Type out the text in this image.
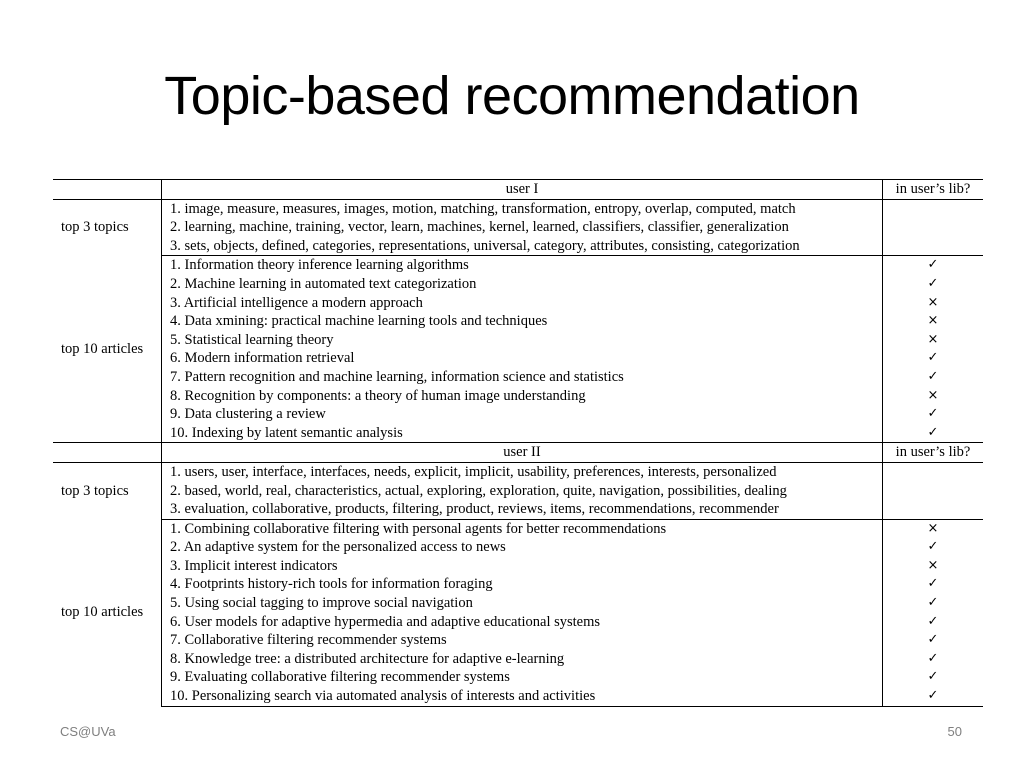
Topic-based recommendation
	user I	in user’s lib?
top 3 topics	1. image, measure, measures, images, motion, matching, transformation, entropy, overlap, computed, match	
	2. learning, machine, training, vector, learn, machines, kernel, learned, classifiers, classifier, generalization	
	3. sets, objects, defined, categories, representations, universal, category, attributes, consisting, categorization	
top 10 articles	1. Information theory inference learning algorithms	✓
	2. Machine learning in automated text categorization	✓
	3. Artificial intelligence a modern approach	×
	4. Data xmining: practical machine learning tools and techniques	×
	5. Statistical learning theory	×
	6. Modern information retrieval	✓
	7. Pattern recognition and machine learning, information science and statistics	✓
	8. Recognition by components: a theory of human image understanding	×
	9. Data clustering a review	✓
	10. Indexing by latent semantic analysis	✓
	user II	in user’s lib?
top 3 topics	1. users, user, interface, interfaces, needs, explicit, implicit, usability, preferences, interests, personalized	
	2. based, world, real, characteristics, actual, exploring, exploration, quite, navigation, possibilities, dealing	
	3. evaluation, collaborative, products, filtering, product, reviews, items, recommendations, recommender	
top 10 articles	1. Combining collaborative filtering with personal agents for better recommendations	×
	2. An adaptive system for the personalized access to news	✓
	3. Implicit interest indicators	×
	4. Footprints history-rich tools for information foraging	✓
	5. Using social tagging to improve social navigation	✓
	6. User models for adaptive hypermedia and adaptive educational systems	✓
	7. Collaborative filtering recommender systems	✓
	8. Knowledge tree: a distributed architecture for adaptive e-learning	✓
	9. Evaluating collaborative filtering recommender systems	✓
	10. Personalizing search via automated analysis of interests and activities	✓
CS@UVa	50
